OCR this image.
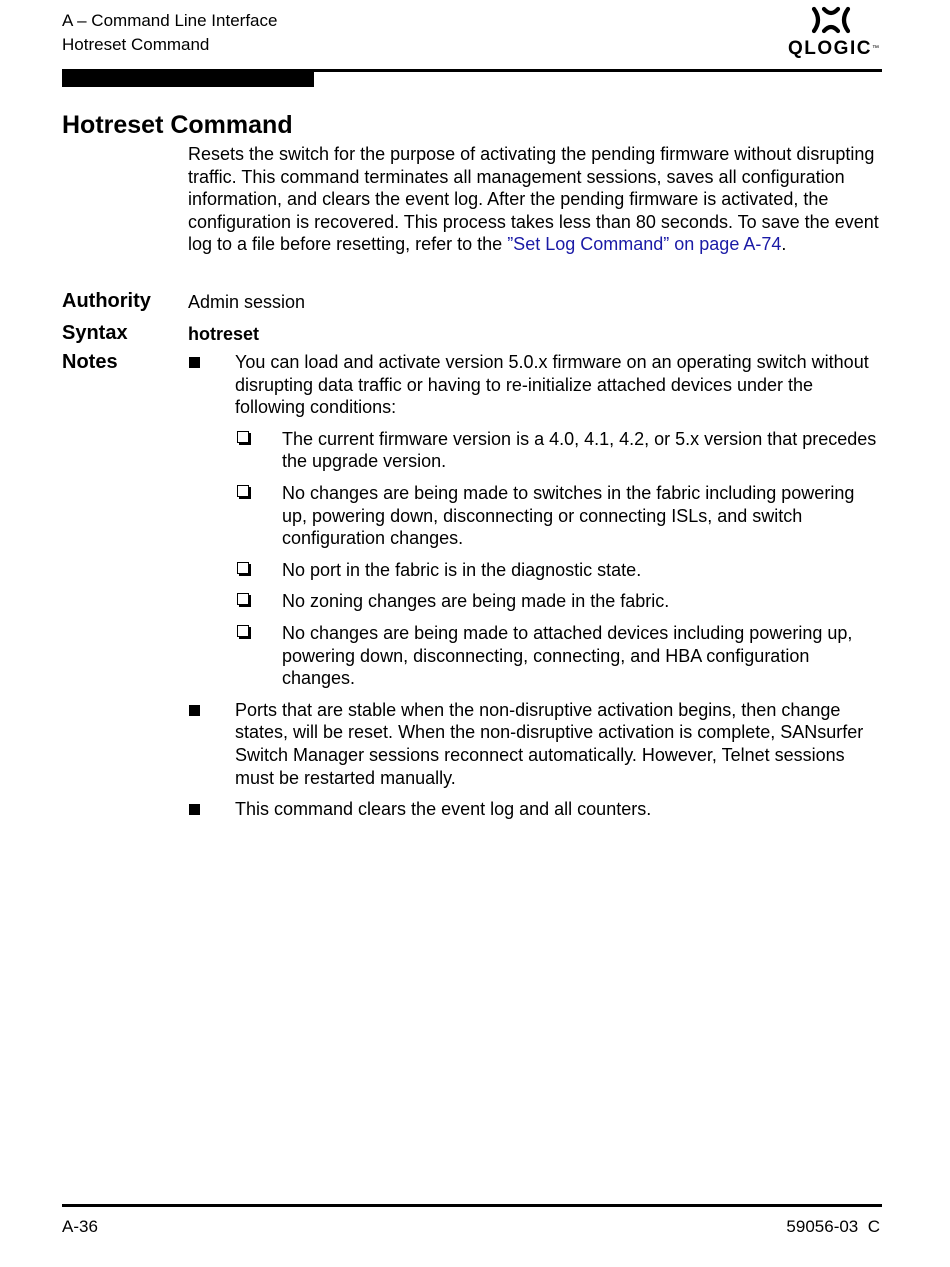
A – Command Line Interface
Hotreset Command	QLOGIC™
Hotreset Command
Resets the switch for the purpose of activating the pending firmware without disrupting traffic. This command terminates all management sessions, saves all configuration information, and clears the event log. After the pending firmware is activated, the configuration is recovered. This process takes less than 80 seconds. To save the event log to a file before resetting, refer to the ”Set Log Command” on page A-74.
Authority Admin session
Syntax	hotreset
Notes	You can load and activate version 5.0.x firmware on an operating switch without disrupting data traffic or having to re-initialize attached devices under the following conditions:
The current firmware version is a 4.0, 4.1, 4.2, or 5.x version that precedes the upgrade version.
No changes are being made to switches in the fabric including powering up, powering down, disconnecting or connecting ISLs, and switch configuration changes.
No port in the fabric is in the diagnostic state.
No zoning changes are being made in the fabric.
No changes are being made to attached devices including powering up, powering down, disconnecting, connecting, and HBA configuration changes.
Ports that are stable when the non-disruptive activation begins, then change states, will be reset. When the non-disruptive activation is complete, SANsurfer Switch Manager sessions reconnect automatically. However, Telnet sessions must be restarted manually.
This command clears the event log and all counters.
A-36	59056-03  C
